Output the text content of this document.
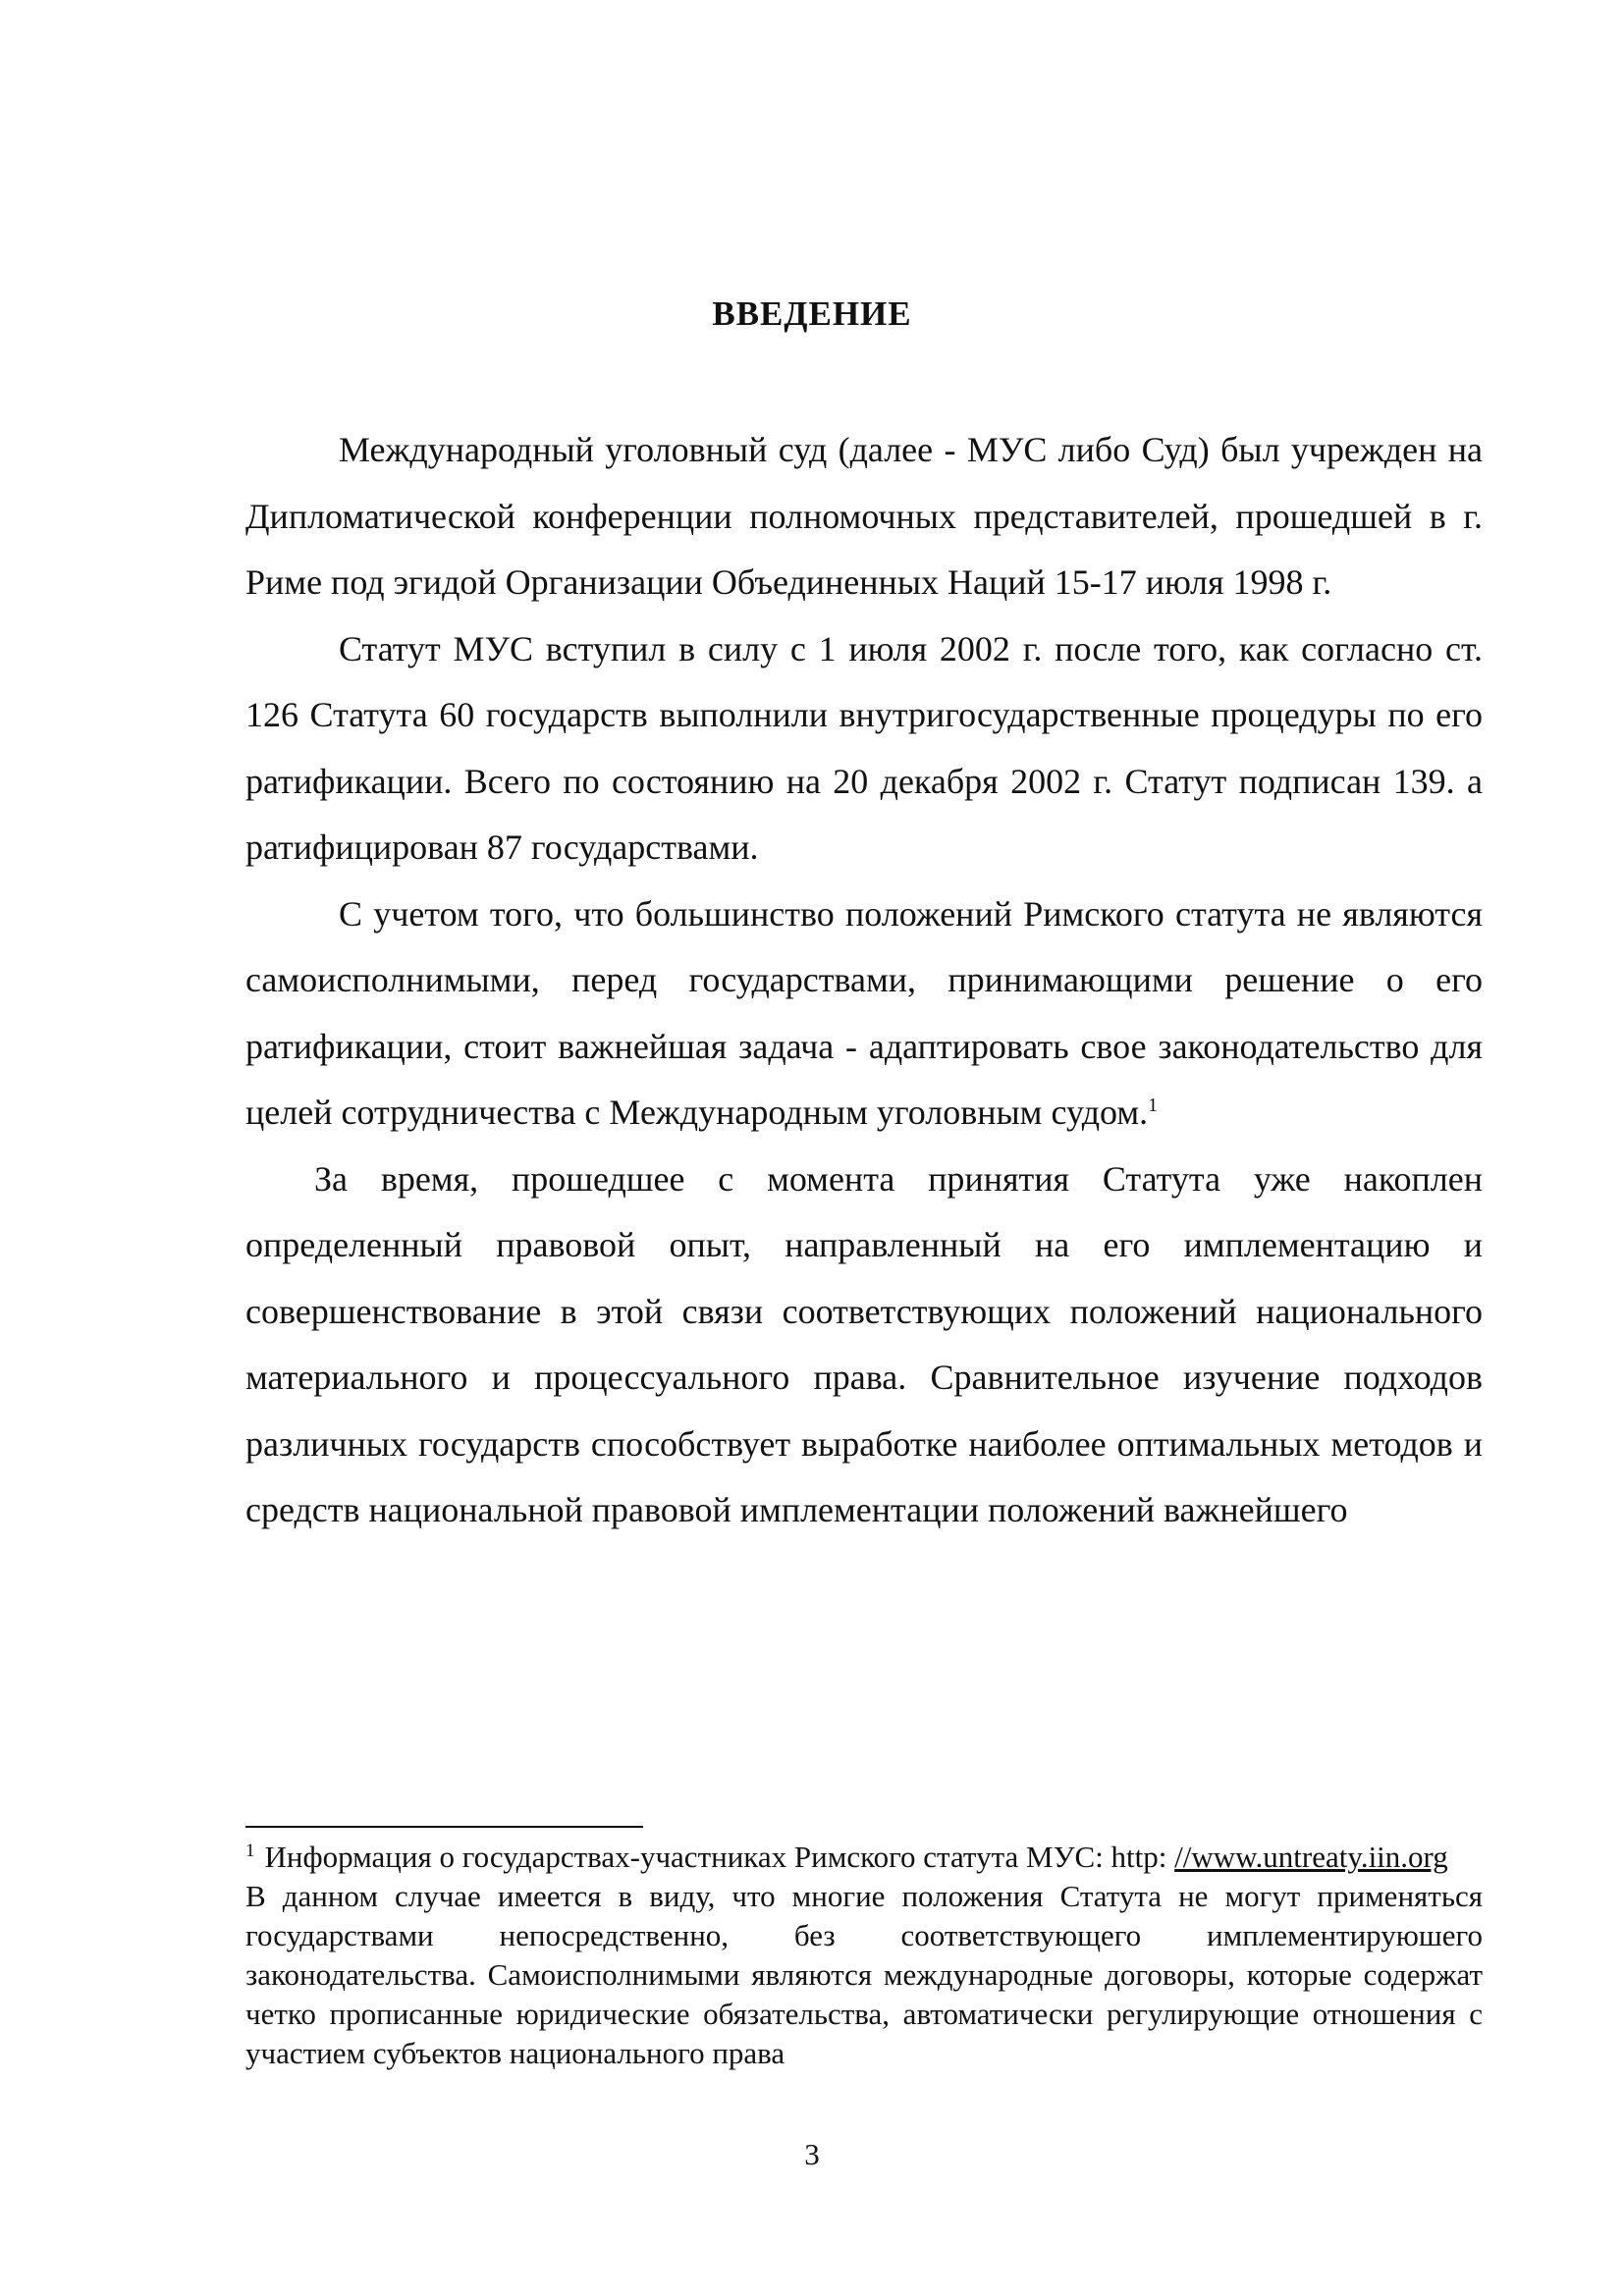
ВВЕДЕНИЕ

Международный уголовный суд (далее - МУС либо Суд) был учрежден на Дипломатической конференции полномочных представителей, прошедшей в г. Риме под эгидой Организации Объединенных Наций 15-17 июля 1998 г.

Статут МУС вступил в силу с 1 июля 2002 г. после того, как согласно ст. 126 Статута 60 государств выполнили внутригосударственные процедуры по его ратификации. Всего по состоянию на 20 декабря 2002 г. Статут подписан 139. а ратифицирован 87 государствами.

С учетом того, что большинство положений Римского статута не являются самоисполнимыми, перед государствами, принимающими решение о его ратификации, стоит важнейшая задача - адаптировать свое законодательство для целей сотрудничества с Международным уголовным судом.$^1$

За время, прошедшее с момента принятия Статута уже накоплен определенный правовой опыт, направленный на его имплементацию и совершенствование в этой связи соответствующих положений национального материального и процессуального права. Сравнительное изучение подходов различных государств способствует выработке наиболее оптимальных методов и средств национальной правовой имплементации положений важнейшего

$^1$ Информация о государствах-участниках Римского статута МУС: http: //www.untreaty.iin.org

В данном случае имеется в виду, что многие положения Статута не могут применяться государствами непосредственно, без соответствующего имплементируюшего законодательства. Самоисполнимыми являются международные договоры, которые содержат четко прописанные юридические обязательства, автоматически регулирующие отношения с участием субъектов национального права

3
